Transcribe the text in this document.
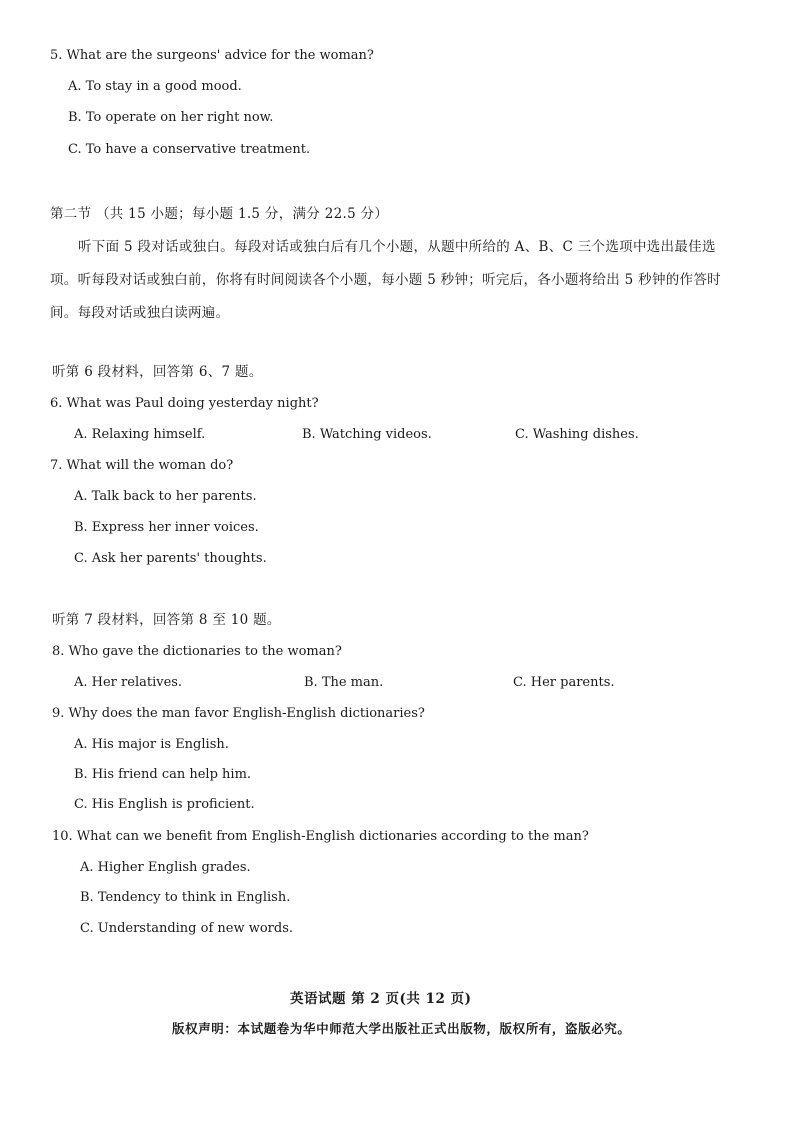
5. What are the surgeons' advice for the woman?
A. To stay in a good mood.
B. To operate on her right now.
C. To have a conservative treatment.
第二节 （共 15 小题；每小题 1.5 分，满分 22.5 分）
听下面 5 段对话或独白。每段对话或独白后有几个小题，从题中所给的 A、B、C 三个选项中选出最佳选
项。听每段对话或独白前，你将有时间阅读各个小题，每小题 5 秒钟；听完后，各小题将给出 5 秒钟的作答时
间。每段对话或独白读两遍。
听第 6 段材料，回答第 6、7 题。
6. What was Paul doing yesterday night?
A. Relaxing himself.	B. Watching videos.	C. Washing dishes.
7. What will the woman do?
A. Talk back to her parents.
B. Express her inner voices.
C. Ask her parents' thoughts.
听第 7 段材料，回答第 8 至 10 题。
8. Who gave the dictionaries to the woman?
A. Her relatives.	B. The man.	C. Her parents.
9. Why does the man favor English-English dictionaries?
A. His major is English.
B. His friend can help him.
C. His English is proficient.
10. What can we benefit from English-English dictionaries according to the man?
A. Higher English grades.
B. Tendency to think in English.
C. Understanding of new words.
英语试题 第 2 页(共 12 页)
版权声明：本试题卷为华中师范大学出版社正式出版物，版权所有，盗版必究。
